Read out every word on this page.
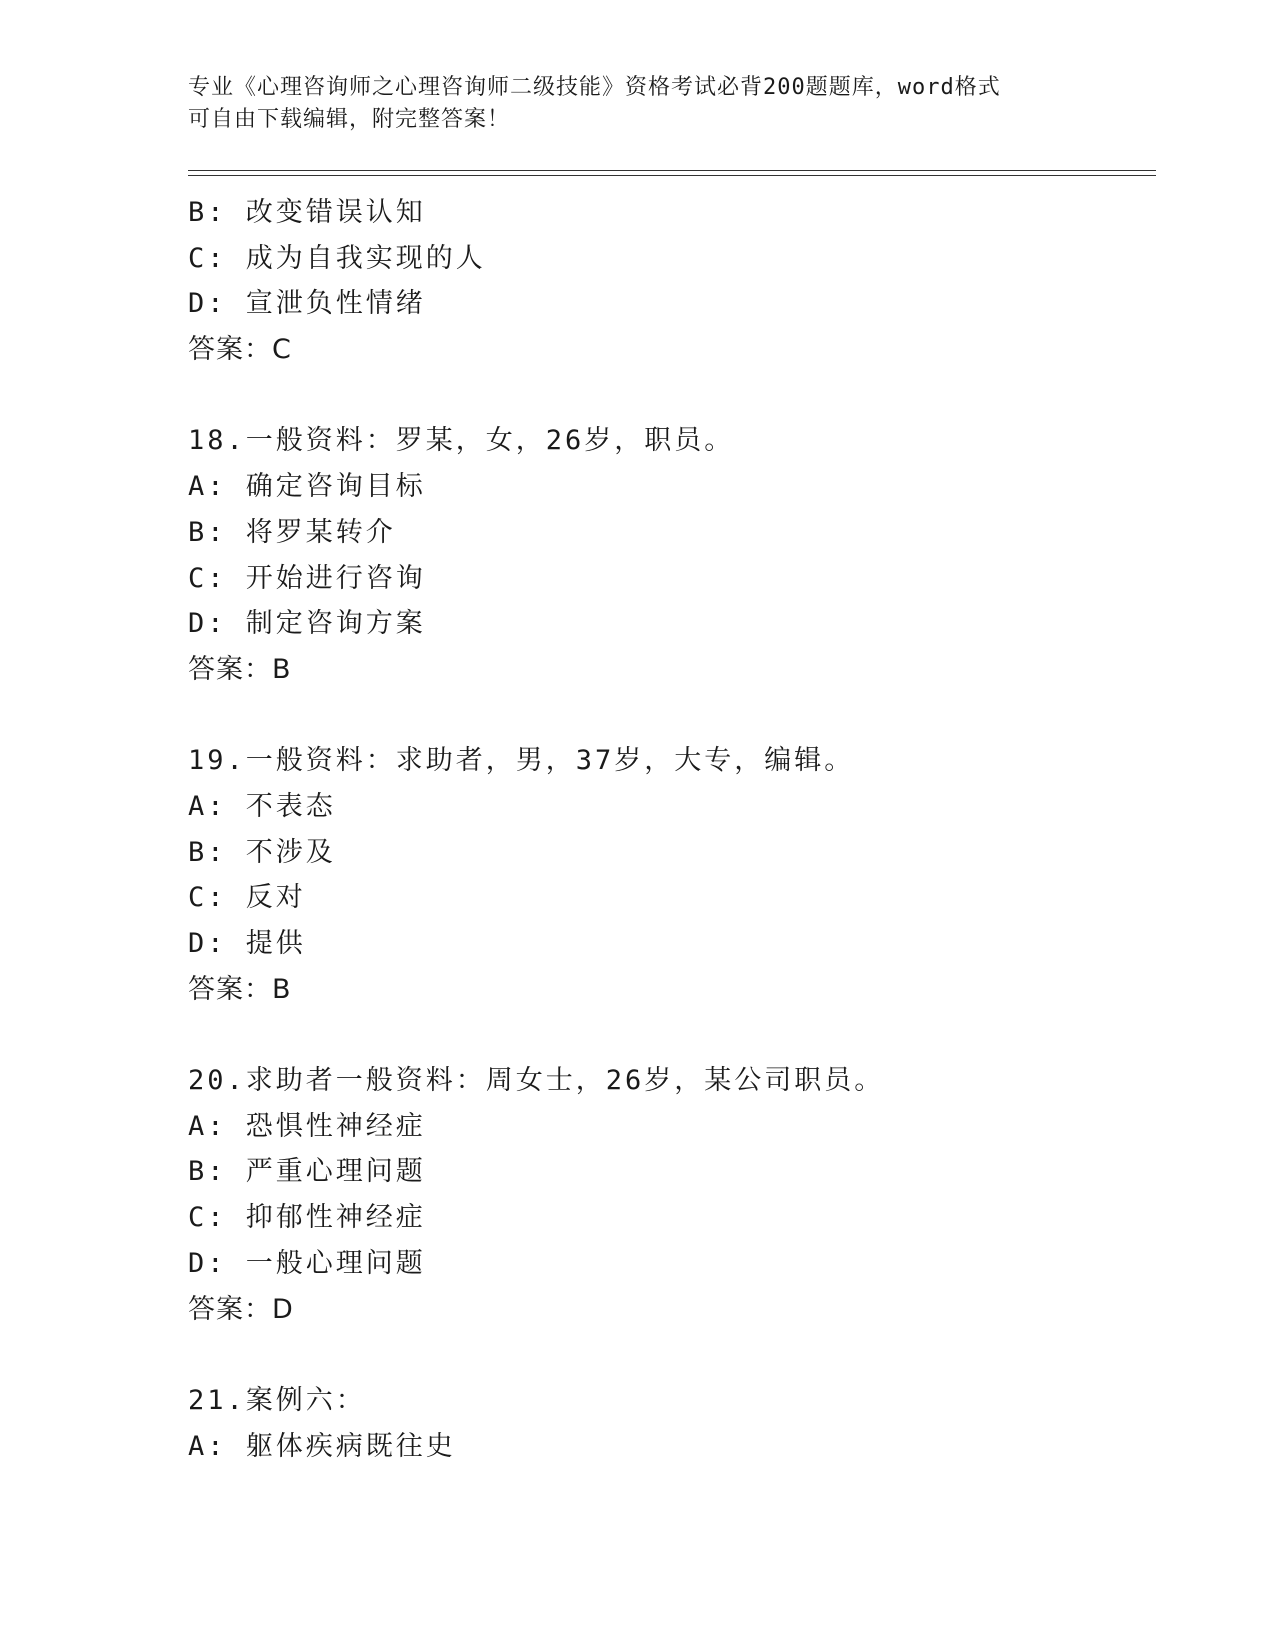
专业《心理咨询师之心理咨询师二级技能》资格考试必背200题题库，word格式
可自由下载编辑，附完整答案！
B: 改变错误认知
C: 成为自我实现的人
D: 宣泄负性情绪
答案：C
18.一般资料：罗某，女，26岁，职员。
A: 确定咨询目标
B: 将罗某转介
C: 开始进行咨询
D: 制定咨询方案
答案：B
19.一般资料：求助者，男，37岁，大专，编辑。
A: 不表态
B: 不涉及
C: 反对
D: 提供
答案：B
20.求助者一般资料：周女士，26岁，某公司职员。
A: 恐惧性神经症
B: 严重心理问题
C: 抑郁性神经症
D: 一般心理问题
答案：D
21.案例六：
A: 躯体疾病既往史
